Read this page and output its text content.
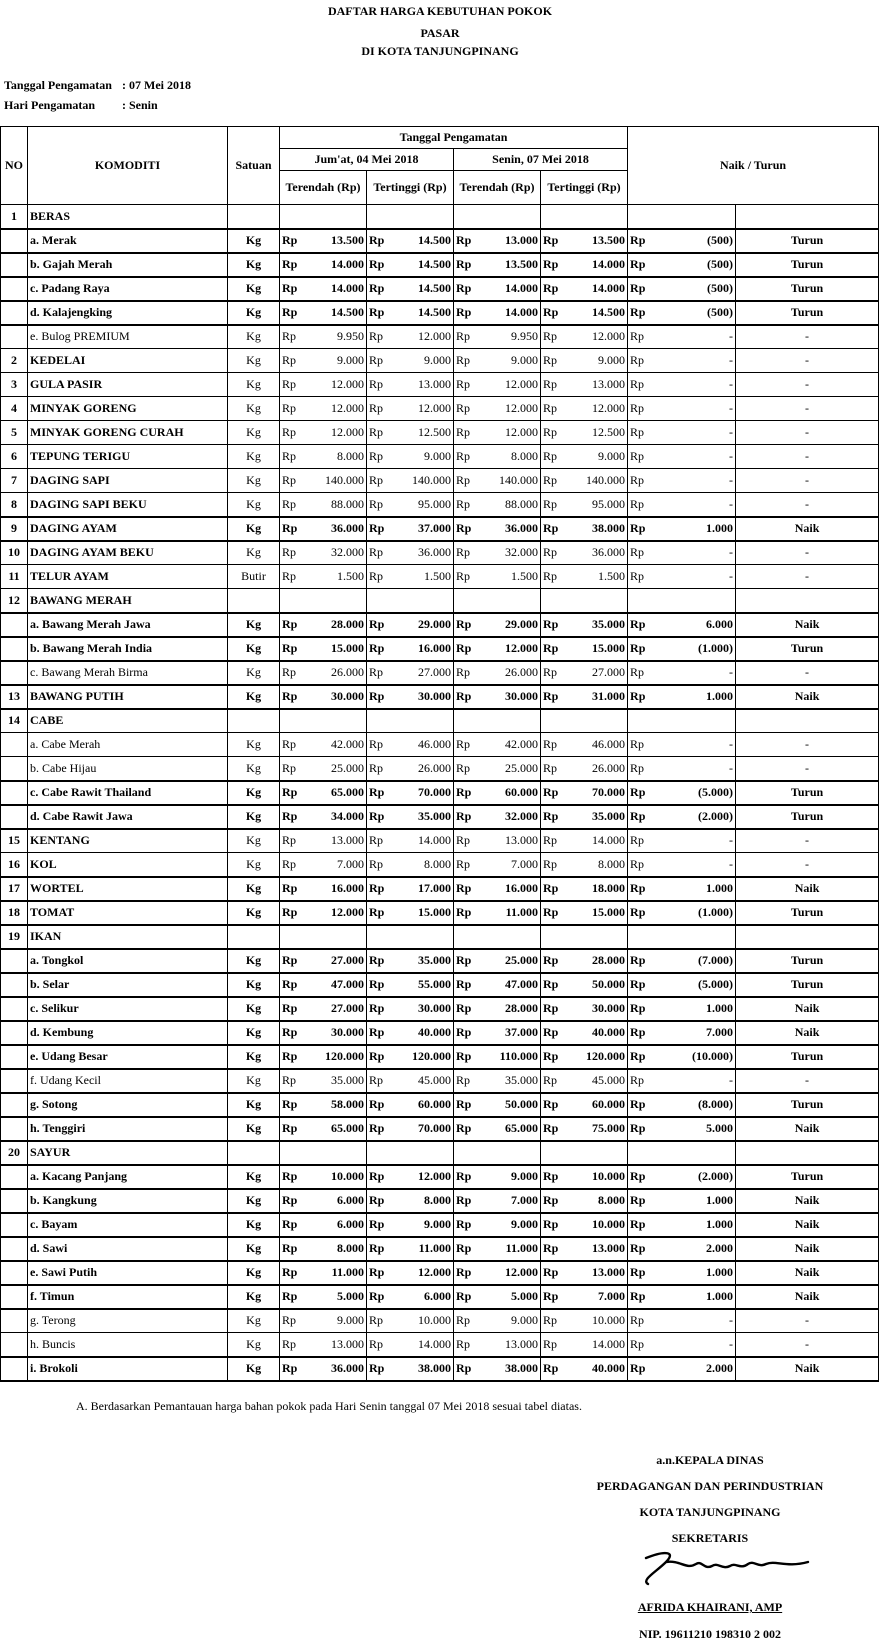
DAFTAR HARGA KEBUTUHAN POKOK
PASAR
DI KOTA TANJUNGPINANG
Tanggal Pengamatan : 07 Mei 2018
Hari Pengamatan : Senin
NO	KOMODITI	Satuan	Tanggal Pengamatan								Naik / Turun		
			Jum'at, 04 Mei 2018				Senin, 07 Mei 2018						
			Terendah (Rp)		Tertinggi (Rp)		Terendah (Rp)		Tertinggi (Rp)				
1	BERAS												
	a. Merak	Kg	Rp	13.500	Rp	14.500	Rp	13.000	Rp	13.500	Rp	(500)	Turun
	b. Gajah Merah	Kg	Rp	14.000	Rp	14.500	Rp	13.500	Rp	14.000	Rp	(500)	Turun
	c. Padang Raya	Kg	Rp	14.000	Rp	14.500	Rp	14.000	Rp	14.000	Rp	(500)	Turun
	d. Kalajengking	Kg	Rp	14.500	Rp	14.500	Rp	14.000	Rp	14.500	Rp	(500)	Turun
	e. Bulog PREMIUM	Kg	Rp	9.950	Rp	12.000	Rp	9.950	Rp	12.000	Rp	-	-
2	KEDELAI	Kg	Rp	9.000	Rp	9.000	Rp	9.000	Rp	9.000	Rp	-	-
3	GULA PASIR	Kg	Rp	12.000	Rp	13.000	Rp	12.000	Rp	13.000	Rp	-	-
4	MINYAK GORENG	Kg	Rp	12.000	Rp	12.000	Rp	12.000	Rp	12.000	Rp	-	-
5	MINYAK GORENG CURAH	Kg	Rp	12.000	Rp	12.500	Rp	12.000	Rp	12.500	Rp	-	-
6	TEPUNG TERIGU	Kg	Rp	8.000	Rp	9.000	Rp	8.000	Rp	9.000	Rp	-	-
7	DAGING SAPI	Kg	Rp	140.000	Rp	140.000	Rp	140.000	Rp	140.000	Rp	-	-
8	DAGING SAPI BEKU	Kg	Rp	88.000	Rp	95.000	Rp	88.000	Rp	95.000	Rp	-	-
9	DAGING AYAM	Kg	Rp	36.000	Rp	37.000	Rp	36.000	Rp	38.000	Rp	1.000	Naik
10	DAGING AYAM BEKU	Kg	Rp	32.000	Rp	36.000	Rp	32.000	Rp	36.000	Rp	-	-
11	TELUR AYAM	Butir	Rp	1.500	Rp	1.500	Rp	1.500	Rp	1.500	Rp	-	-
12	BAWANG MERAH												
	a. Bawang Merah Jawa	Kg	Rp	28.000	Rp	29.000	Rp	29.000	Rp	35.000	Rp	6.000	Naik
	b. Bawang Merah India	Kg	Rp	15.000	Rp	16.000	Rp	12.000	Rp	15.000	Rp	(1.000)	Turun
	c. Bawang Merah Birma	Kg	Rp	26.000	Rp	27.000	Rp	26.000	Rp	27.000	Rp	-	-
13	BAWANG PUTIH	Kg	Rp	30.000	Rp	30.000	Rp	30.000	Rp	31.000	Rp	1.000	Naik
14	CABE												
	a. Cabe Merah	Kg	Rp	42.000	Rp	46.000	Rp	42.000	Rp	46.000	Rp	-	-
	b. Cabe Hijau	Kg	Rp	25.000	Rp	26.000	Rp	25.000	Rp	26.000	Rp	-	-
	c. Cabe Rawit Thailand	Kg	Rp	65.000	Rp	70.000	Rp	60.000	Rp	70.000	Rp	(5.000)	Turun
	d. Cabe Rawit Jawa	Kg	Rp	34.000	Rp	35.000	Rp	32.000	Rp	35.000	Rp	(2.000)	Turun
15	KENTANG	Kg	Rp	13.000	Rp	14.000	Rp	13.000	Rp	14.000	Rp	-	-
16	KOL	Kg	Rp	7.000	Rp	8.000	Rp	7.000	Rp	8.000	Rp	-	-
17	WORTEL	Kg	Rp	16.000	Rp	17.000	Rp	16.000	Rp	18.000	Rp	1.000	Naik
18	TOMAT	Kg	Rp	12.000	Rp	15.000	Rp	11.000	Rp	15.000	Rp	(1.000)	Turun
19	IKAN												
	a. Tongkol	Kg	Rp	27.000	Rp	35.000	Rp	25.000	Rp	28.000	Rp	(7.000)	Turun
	b. Selar	Kg	Rp	47.000	Rp	55.000	Rp	47.000	Rp	50.000	Rp	(5.000)	Turun
	c. Selikur	Kg	Rp	27.000	Rp	30.000	Rp	28.000	Rp	30.000	Rp	1.000	Naik
	d. Kembung	Kg	Rp	30.000	Rp	40.000	Rp	37.000	Rp	40.000	Rp	7.000	Naik
	e. Udang Besar	Kg	Rp	120.000	Rp	120.000	Rp	110.000	Rp	120.000	Rp	(10.000)	Turun
	f. Udang Kecil	Kg	Rp	35.000	Rp	45.000	Rp	35.000	Rp	45.000	Rp	-	-
	g. Sotong	Kg	Rp	58.000	Rp	60.000	Rp	50.000	Rp	60.000	Rp	(8.000)	Turun
	h. Tenggiri	Kg	Rp	65.000	Rp	70.000	Rp	65.000	Rp	75.000	Rp	5.000	Naik
20	SAYUR												
	a. Kacang Panjang	Kg	Rp	10.000	Rp	12.000	Rp	9.000	Rp	10.000	Rp	(2.000)	Turun
	b. Kangkung	Kg	Rp	6.000	Rp	8.000	Rp	7.000	Rp	8.000	Rp	1.000	Naik
	c. Bayam	Kg	Rp	6.000	Rp	9.000	Rp	9.000	Rp	10.000	Rp	1.000	Naik
	d. Sawi	Kg	Rp	8.000	Rp	11.000	Rp	11.000	Rp	13.000	Rp	2.000	Naik
	e. Sawi Putih	Kg	Rp	11.000	Rp	12.000	Rp	12.000	Rp	13.000	Rp	1.000	Naik
	f. Timun	Kg	Rp	5.000	Rp	6.000	Rp	5.000	Rp	7.000	Rp	1.000	Naik
	g. Terong	Kg	Rp	9.000	Rp	10.000	Rp	9.000	Rp	10.000	Rp	-	-
	h. Buncis	Kg	Rp	13.000	Rp	14.000	Rp	13.000	Rp	14.000	Rp	-	-
	i. Brokoli	Kg	Rp	36.000	Rp	38.000	Rp	38.000	Rp	40.000	Rp	2.000	Naik
A. Berdasarkan Pemantauan harga bahan pokok pada Hari Senin tanggal 07 Mei 2018 sesuai tabel diatas.
a.n.KEPALA DINAS
PERDAGANGAN DAN PERINDUSTRIAN
KOTA TANJUNGPINANG
SEKRETARIS
AFRIDA KHAIRANI, AMP
NIP. 19611210 198310 2 002
